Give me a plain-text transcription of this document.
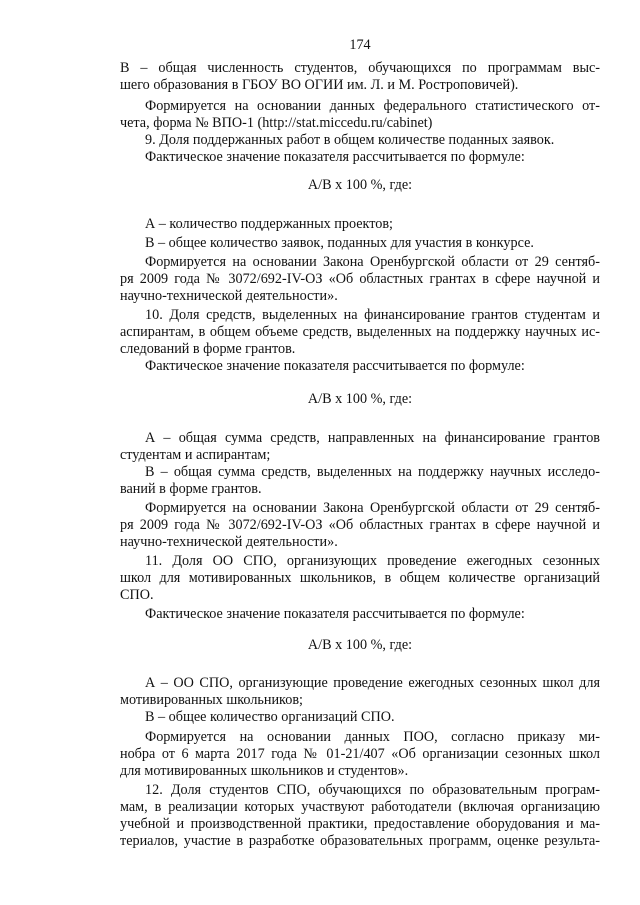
174

В – общая численность студентов, обучающихся по программам выс-

шего образования в ГБОУ ВО ОГИИ им. Л. и М. Ростроповичей).

Формируется на основании данных федерального статистического от-

чета, форма № ВПО-1 (http://stat.miccedu.ru/cabinet)

9. Доля поддержанных работ в общем количестве поданных заявок.

Фактическое значение показателя рассчитывается по формуле:

А/В х 100 %, где:

А – количество поддержанных проектов;

В – общее количество заявок, поданных для участия в конкурсе.

Формируется на основании Закона Оренбургской области от 29 сентяб-

ря 2009 года № 3072/692-IV-ОЗ «Об областных грантах в сфере научной и

научно-технической деятельности».

10. Доля средств, выделенных на финансирование грантов студентам и

аспирантам, в общем объеме средств, выделенных на поддержку научных ис-

следований в форме грантов.

Фактическое значение показателя рассчитывается по формуле:

А/В х 100 %, где:

А – общая сумма средств, направленных на финансирование грантов

студентам и аспирантам;

В – общая сумма средств, выделенных на поддержку научных исследо-

ваний в форме грантов.

Формируется на основании Закона Оренбургской области от 29 сентяб-

ря 2009 года № 3072/692-IV-ОЗ «Об областных грантах в сфере научной и

научно-технической деятельности».

11. Доля ОО СПО, организующих проведение ежегодных сезонных

школ для мотивированных школьников, в общем количестве организаций

СПО.

Фактическое значение показателя рассчитывается по формуле:

А/В х 100 %, где:

А – ОО СПО, организующие проведение ежегодных сезонных школ для

мотивированных школьников;

В – общее количество организаций СПО.

Формируется на основании данных ПОО, согласно приказу ми-

нобра от 6 марта 2017 года № 01-21/407 «Об организации сезонных школ

для мотивированных школьников и студентов».

12. Доля студентов СПО, обучающихся по образовательным програм-

мам, в реализации которых участвуют работодатели (включая организацию

учебной и производственной практики, предоставление оборудования и ма-

териалов, участие в разработке образовательных программ, оценке результа-
